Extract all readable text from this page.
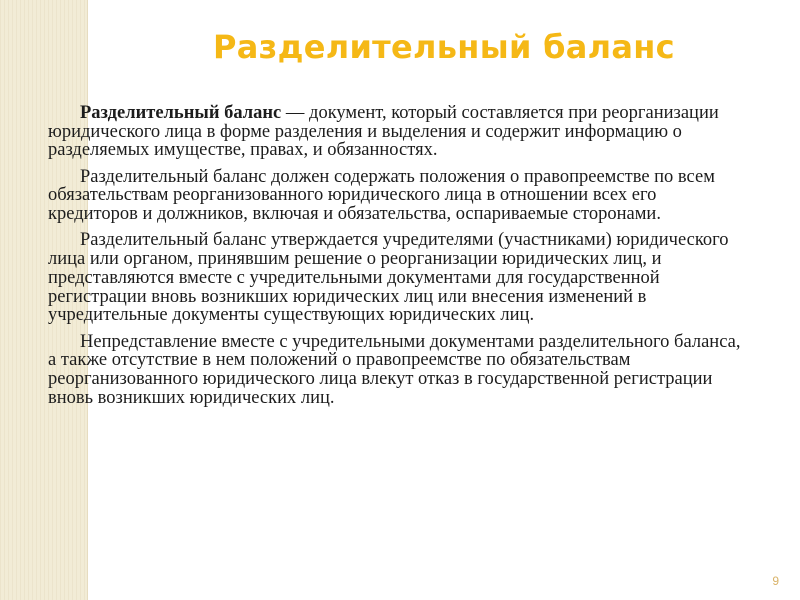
Разделительный баланс

Разделительный баланс — документ, который составляется при реорганизации юридического лица в форме разделения и выделения и содержит информацию о разделяемых имуществе, правах, и обязанностях.

Разделительный баланс должен содержать положения о правопреемстве по всем обязательствам реорганизованного юридического лица в отношении всех его кредиторов и должников, включая и обязательства, оспариваемые сторонами.

Разделительный баланс утверждается учредителями (участниками) юридического лица или органом, принявшим решение о реорганизации юридических лиц, и представляются вместе с учредительными документами для государственной регистрации вновь возникших юридических лиц или внесения изменений в учредительные документы существующих юридических лиц.

Непредставление вместе с учредительными документами разделительного баланса, а также отсутствие в нем положений о правопреемстве по обязательствам реорганизованного юридического лица влекут отказ в государственной регистрации вновь возникших юридических лиц.

9
